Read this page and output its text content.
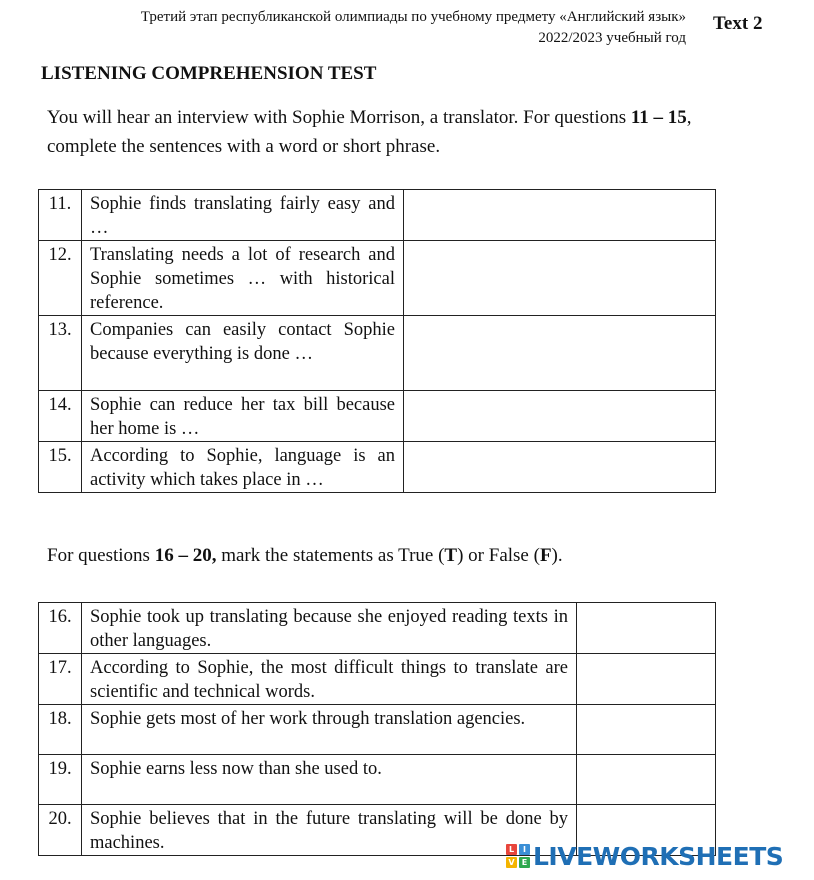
Третий этап республиканской олимпиады по учебному предмету «Английский язык»
2022/2023 учебный год
Text 2
LISTENING COMPREHENSION TEST
You will hear an interview with Sophie Morrison, a translator. For questions 11 – 15, complete the sentences with a word or short phrase.
11.	Sophie finds translating fairly easy and …	
12.	Translating needs a lot of research and Sophie sometimes … with historical reference.	
13.	Companies can easily contact Sophie because everything is done …	
14.	Sophie can reduce her tax bill because her home is …	
15.	According to Sophie, language is an activity which takes place in …	
For questions 16 – 20, mark the statements as True (T) or False (F).
16.	Sophie took up translating because she enjoyed reading texts in other languages.	
17.	According to Sophie, the most difficult things to translate are scientific and technical words.	
18.	Sophie gets most of her work through translation agencies.	
19.	Sophie earns less now than she used to.	
20.	Sophie believes that in the future translating will be done by machines.		L	I
V E LIVEWORKSHEETS
